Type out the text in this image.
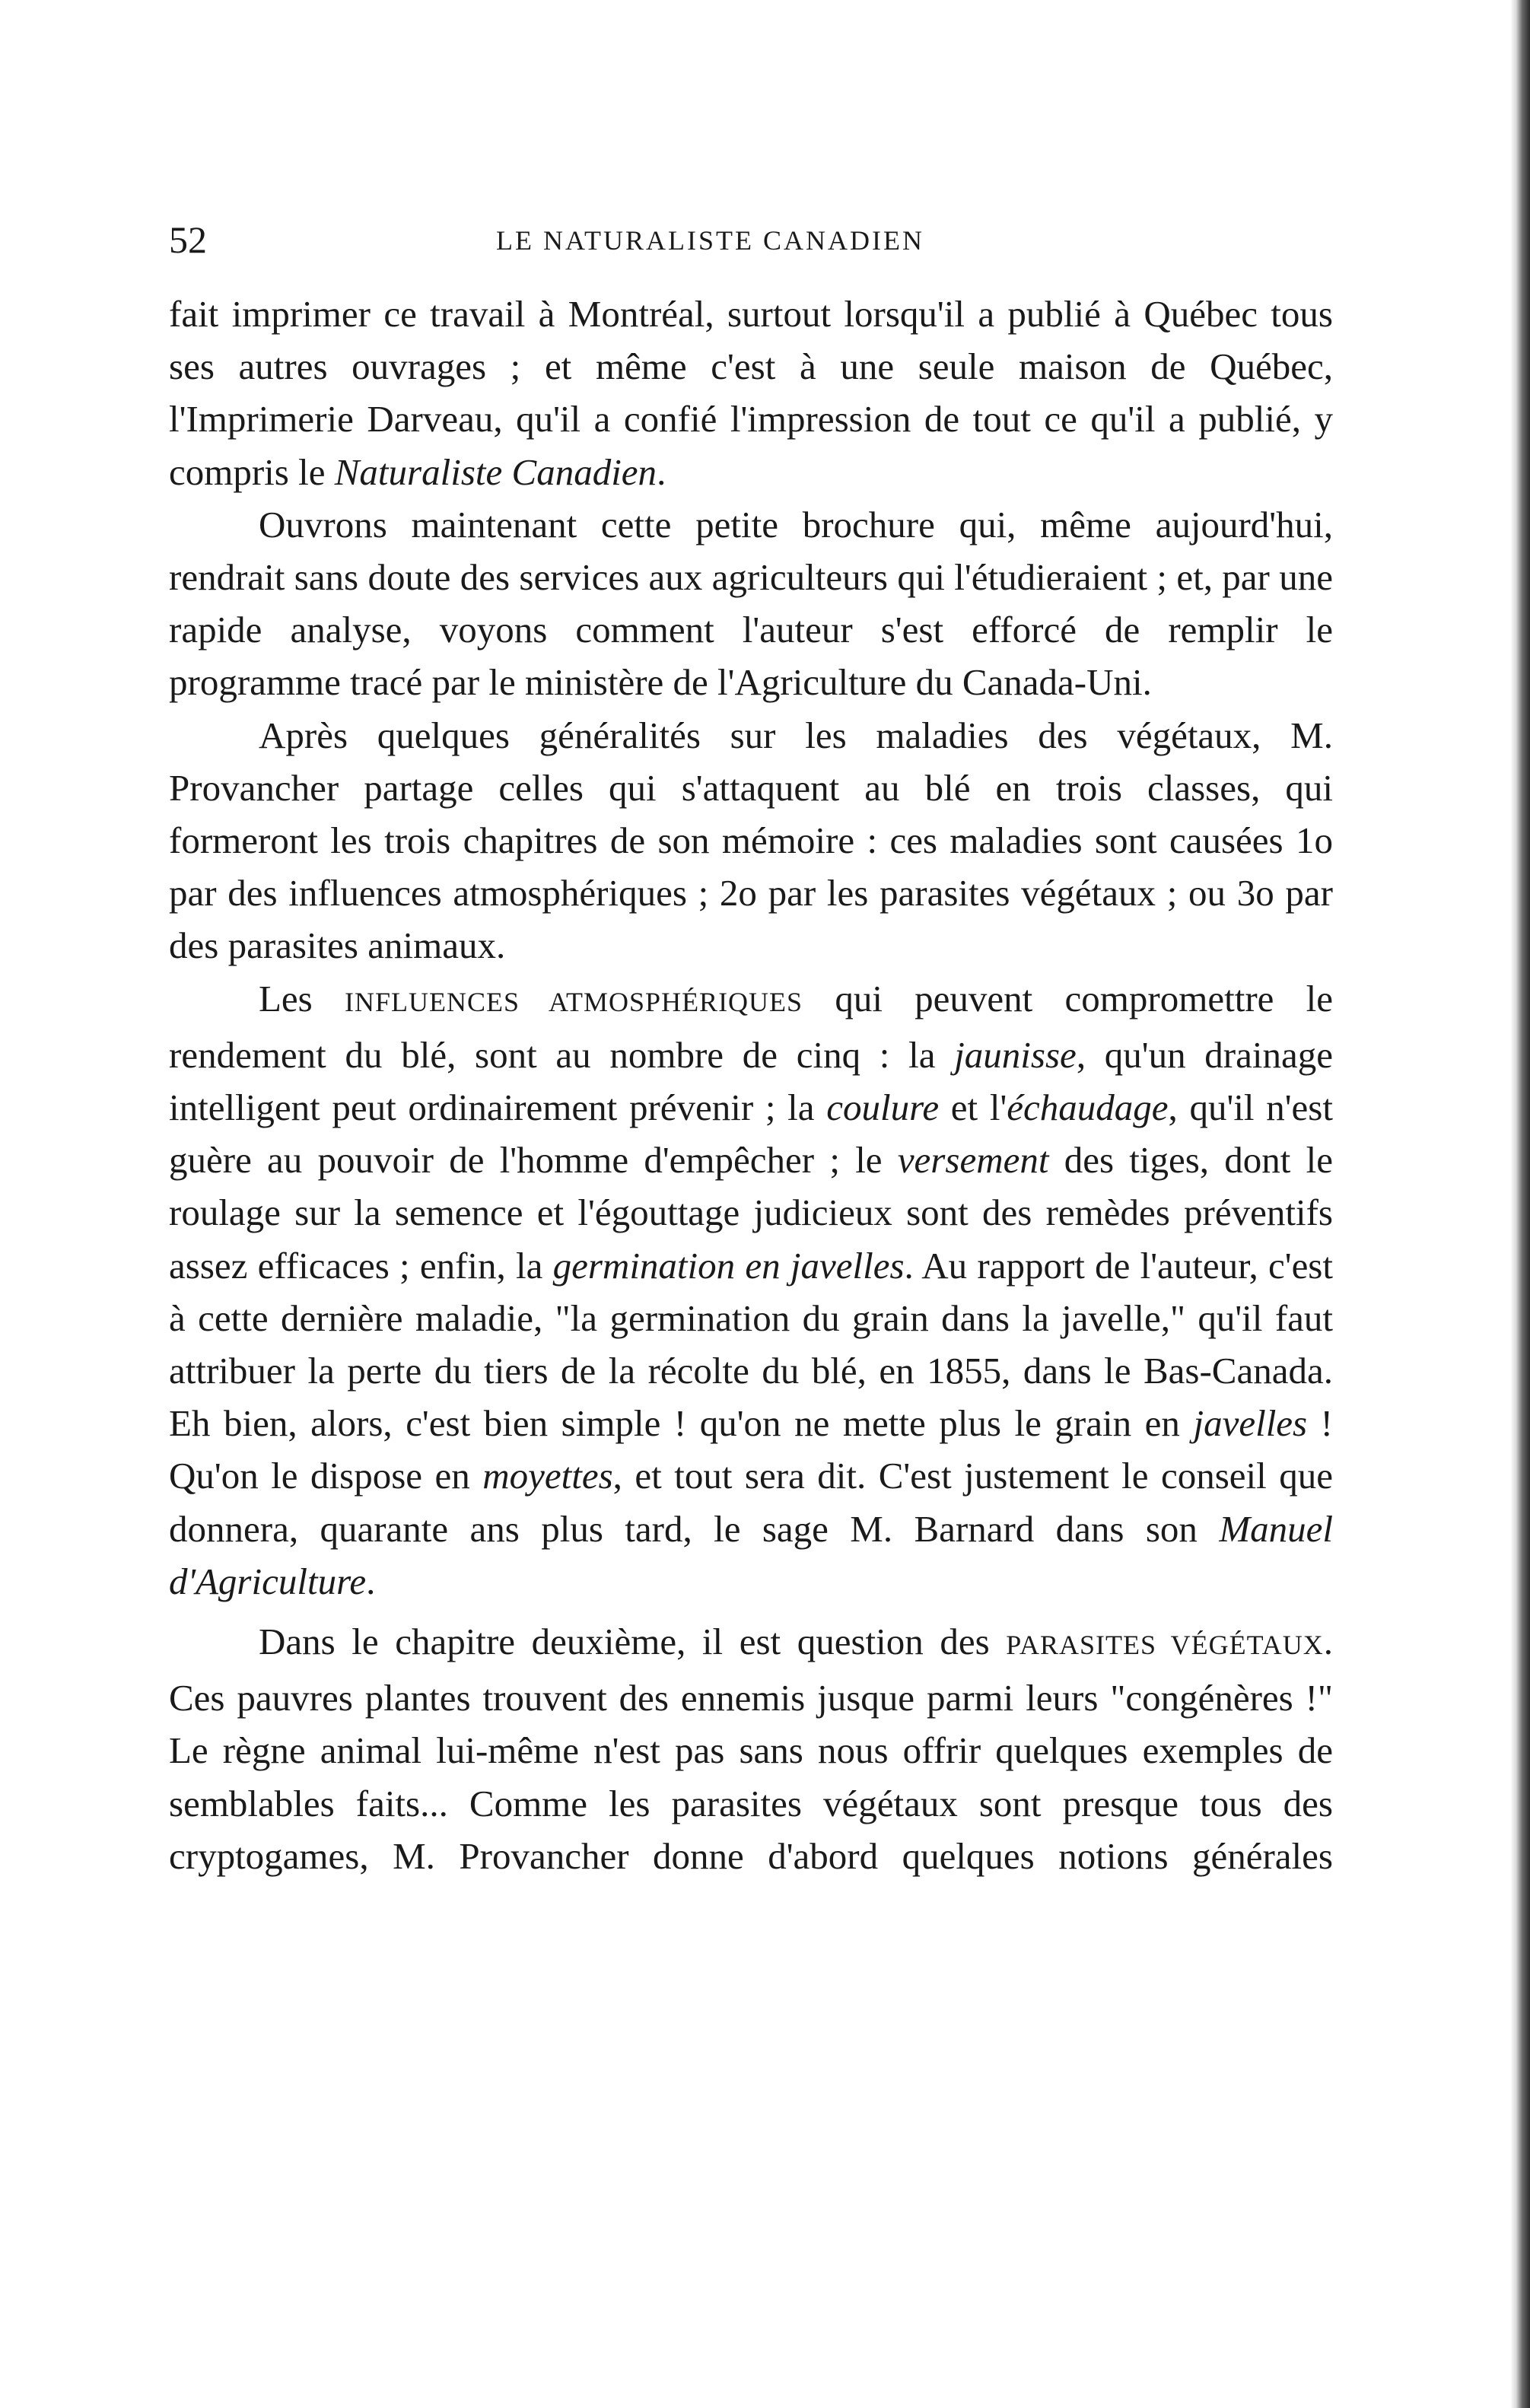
52	LE NATURALISTE CANADIEN

fait imprimer ce travail à Montréal, surtout lorsqu'il a publié à Québec tous ses autres ouvrages ; et même c'est à une seule maison de Québec, l'Imprimerie Darveau, qu'il a confié l'impression de tout ce qu'il a publié, y compris le Naturaliste Canadien.

Ouvrons maintenant cette petite brochure qui, même aujourd'hui, rendrait sans doute des services aux agriculteurs qui l'étudieraient ; et, par une rapide analyse, voyons comment l'auteur s'est efforcé de remplir le programme tracé par le ministère de l'Agriculture du Canada-Uni.

Après quelques généralités sur les maladies des végétaux, M. Provancher partage celles qui s'attaquent au blé en trois classes, qui formeront les trois chapitres de son mémoire : ces maladies sont causées 1o par des influences atmosphériques ; 2o par les parasites végétaux ; ou 3o par des parasites animaux.

Les INFLUENCES ATMOSPHÉRIQUES qui peuvent compromettre le rendement du blé, sont au nombre de cinq : la jaunisse, qu'un drainage intelligent peut ordinairement prévenir ; la coulure et l'échaudage, qu'il n'est guère au pouvoir de l'homme d'empêcher ; le versement des tiges, dont le roulage sur la semence et l'égouttage judicieux sont des remèdes préventifs assez efficaces ; enfin, la germination en javelles. Au rapport de l'auteur, c'est à cette dernière maladie, "la germination du grain dans la javelle," qu'il faut attribuer la perte du tiers de la récolte du blé, en 1855, dans le Bas-Canada. Eh bien, alors, c'est bien simple ! qu'on ne mette plus le grain en javelles ! Qu'on le dispose en moyettes, et tout sera dit. C'est justement le conseil que donnera, quarante ans plus tard, le sage M. Barnard dans son Manuel d'Agriculture.

Dans le chapitre deuxième, il est question des PARASITES VÉGÉTAUX. Ces pauvres plantes trouvent des ennemis jusque parmi leurs "congénères !" Le règne animal lui-même n'est pas sans nous offrir quelques exemples de semblables faits... Comme les parasites végétaux sont presque tous des cryptogames, M. Provancher donne d'abord quelques notions générales
